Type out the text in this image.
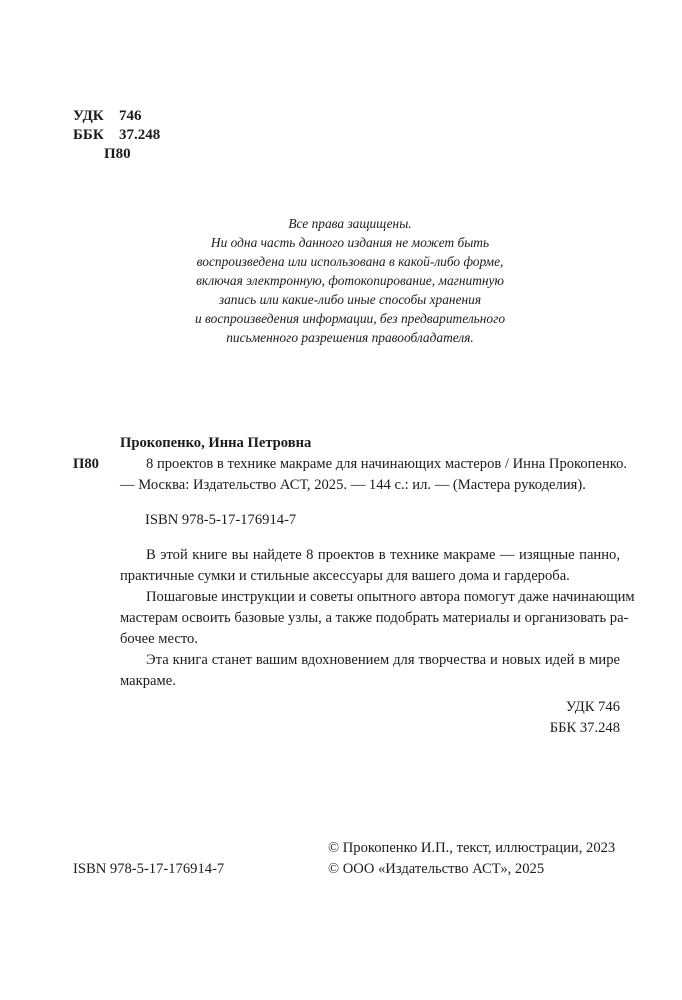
УДК 746
ББК 37.248
П80
Все права защищены.
Ни одна часть данного издания не может быть
воспроизведена или использована в какой-либо форме,
включая электронную, фотокопирование, магнитную
запись или какие-либо иные способы хранения
и воспроизведения информации, без предварительного
письменного разрешения правообладателя.
Прокопенко, Инна Петровна
П80	8 проектов в технике макраме для начинающих мастеров / Инна Прокопенко.
— Москва: Издательство АСТ, 2025. — 144 с.: ил. — (Мастера рукоделия).
ISBN 978-5-17-176914-7
В этой книге вы найдете 8 проектов в технике макраме — изящные панно,
практичные сумки и стильные аксессуары для вашего дома и гардероба.
Пошаговые инструкции и советы опытного автора помогут даже начинающим
мастерам освоить базовые узлы, а также подобрать материалы и организовать ра-
бочее место.
Эта книга станет вашим вдохновением для творчества и новых идей в мире
макраме.
УДК 746
ББК 37.248
ISBN 978-5-17-176914-7
© Прокопенко И.П., текст, иллюстрации, 2023
© ООО «Издательство АСТ», 2025
